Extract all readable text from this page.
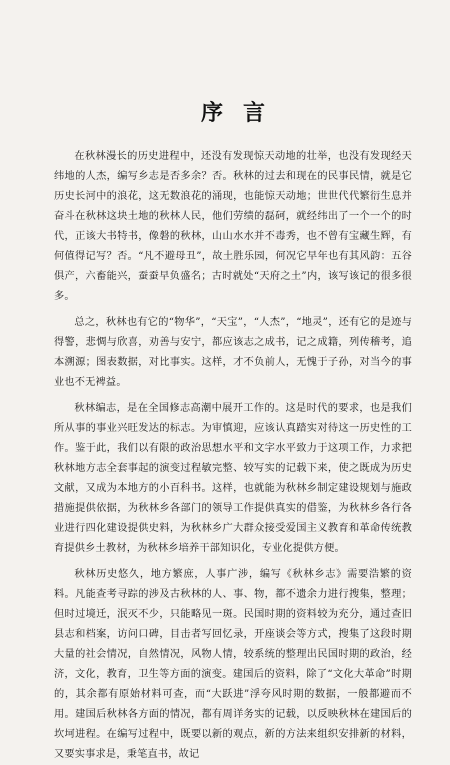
序言

在秋林漫长的历史进程中，还没有发现惊天动地的壮举，也没有发现经天纬地的人杰，编写乡志是否多余？否。秋林的过去和现在的民事民情，就是它历史长河中的浪花，这无数浪花的涌现，也能惊天动地；世世代代繁衍生息并奋斗在秋林这块土地的秋林人民，他们劳绩的磊砢，就经纬出了一个一个的时代，正该大书特书，像磐的秋林，山山水水并不毒秀，也不曾有宝藏生辉，有何值得记写？否。“凡不避母丑”，故土胜乐园，何况它早年也有其风韵：五谷俱产，六畜能兴，蚕蚕早负盛名；古时就处“天府之土”内，该写该记的很多很多。

总之，秋林也有它的“物华”，“天宝”，“人杰”，“地灵”，还有它的是迹与得警，悲惆与欣喜，劝善与安宁，都应该志之成书，记之成籍，列传稽考，追本溯源；图表数据，对比事实。这样，才不负前人，无愧于子孙，对当今的事业也不无裨益。

秋林编志，是在全国修志高潮中展开工作的。这是时代的要求，也是我们所从事的事业兴旺发达的标志。为审慎迎，应该认真踏实对待这一历史性的工作。鉴于此，我们以有限的政治思想水平和文字水平致力于这项工作，力求把秋林地方志全套事起的演变过程敏完整、较写实的记载下来，使之既成为历史文献，又成为本地方的小百科书。这样，也就能为秋林乡制定建设规划与施政措施提供依据，为秋林乡各部门的领导工作提供真实的借鉴，为秋林乡各行各业进行四化建设提供史料，为秋林乡广大群众接受爱国主义教育和革命传统教育提供乡土教材，为秋林乡培养干部知识化，专业化提供方便。

秋林历史悠久，地方繁庶，人事广涉，编写《秋林乡志》需要浩繁的资料。凡能查考寻踪的涉及古秋林的人、事、物，都不遗余力进行搜集，整理；但时过境迁，泯灭不少，只能略见一斑。民国时期的资料较为充分，通过查旧县志和档案，访问口碑，目击者写回忆录，开座谈会等方式，搜集了这段时期大量的社会情况，自然情况，风物人情，较系统的整理出民国时期的政治，经济，文化，教育，卫生等方面的演变。建国后的资料，除了“文化大革命”时期的，其余都有原始材料可查，而“大跃进”浮夸风时期的数据，一般都避而不用。建国后秋林各方面的情况，都有周详务实的记载，以反映秋林在建国后的坎坷进程。在编写过程中，既要以新的观点，新的方法来组织安排新的材料，又要实事求是，秉笔直书，故记
